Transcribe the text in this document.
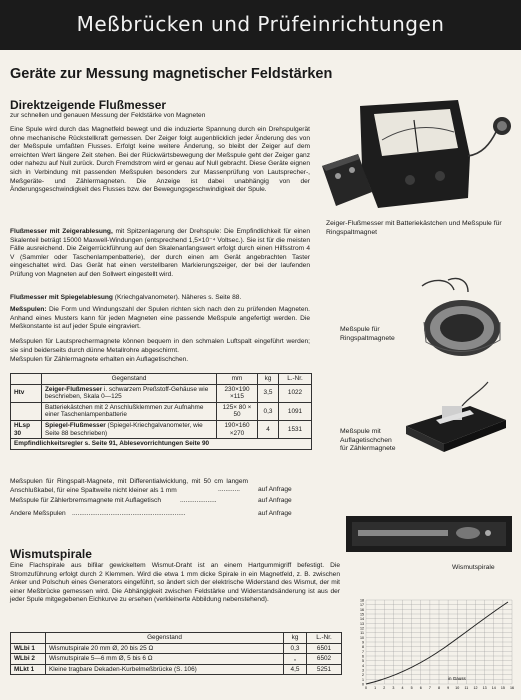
Meßbrücken und Prüfeinrichtungen
Geräte zur Messung magnetischer Feldstärken
Direktzeigende Flußmesser
zur schnellen und genauen Messung der Feldstärke von Magneten
Eine Spule wird durch das Magnetfeld bewegt und die induzierte Spannung durch ein Drehspulgerät ohne mechanische Rückstellkraft gemessen. Der Zeiger folgt augenblicklich jeder Änderung des von der Meßspule umfaßten Flusses. Erfolgt keine weitere Änderung, so bleibt der Zeiger auf dem erreichten Wert längere Zeit stehen. Bei der Rückwärtsbewegung der Meßspule geht der Zeiger ganz oder nahezu auf Null zurück. Durch Fremdstrom wird er genau auf Null gebracht. Diese Geräte eignen sich in Verbindung mit passenden Meßspulen besonders zur Massenprüfung von Lautsprecher-, Meßgeräte- und Zählermagneten. Die Anzeige ist dabei unabhängig von der Änderungsgeschwindigkeit des Flusses bzw. der Bewegungsgeschwindigkeit der Spule.
Flußmesser mit Zeigerablesung, mit Spitzenlagerung der Drehspule: Die Empfindlichkeit für einen Skalenteil beträgt 15000 Maxwell-Windungen (entsprechend 1,5×10⁻⁴ Voltsec.). Sie ist für die meisten Fälle ausreichend. Die Zeigerrückführung auf den Skalenanfangswert erfolgt durch einen Hilfsstrom 4 V (Sammler oder Taschenlampenbatterie), der durch einen am Gerät angebrachten Taster eingeschaltet wird. Das Gerät hat einen verstellbaren Markierungszeiger, der bei der laufenden Prüfung von Magneten auf den Sollwert eingestellt wird.
Flußmesser mit Spiegelablesung (Kriechgalvanometer). Näheres s. Seite 88.
Meßspulen: Die Form und Windungszahl der Spulen richten sich nach den zu prüfenden Magneten. Anhand eines Musters kann für jeden Magneten eine passende Meßspule angefertigt werden. Die Meßkonstante ist auf jeder Spule eingraviert.
Meßspulen für Lautsprechermagnete können bequem in den schmalen Luftspalt eingeführt werden; sie sind beiderseits durch dünne Metallrohre abgeschirmt.
Meßspulen für Zählermagnete erhalten ein Auflagetischchen.
	Gegenstand	mm	kg	L.-Nr.
Htv	Zeiger-Flußmesser i. schwarzem Preßstoff-Gehäuse wie beschrieben, Skala 0—125	230×190 ×115	3,5	1022
	Batteriekästchen mit 2 Anschlußklemmen zur Aufnahme einer Taschenlampenbatterie	125× 80 × 50	0,3	1091
HLsp 30	Spiegel-Flußmesser (Spiegel-Kriechgalvanometer, wie Seite 88 beschrieben)	190×160 ×270	4	1531
Empfindlichkeitsregler s. Seite 91, Ablesevorrichtungen Seite 90				
Meßspulen für Ringspalt-Magnete, mit Differentialwicklung, mit 50 cm langem Anschlußkabel, für eine Spaltweite nicht kleiner als 1 mm	............	auf Anfrage
Meßspule für Zählerbremsmagnete mit Auflagetisch	....................	auf Anfrage
Andere Meßspulen ..............................................................	auf Anfrage
Zeiger-Flußmesser mit Batteriekästchen und Meßspule für Ringspaltmagnet
Meßspule für Ringspaltmagnete
Meßspule mit Auflagetischchen für Zählermagnete
Wismutspirale
Wismutspirale
Eine Flachspirale aus bifilar gewickeltem Wismut-Draht ist an einem Hartgummigriff befestigt. Die Stromzuführung erfolgt durch 2 Klemmen. Wird die etwa 1 mm dicke Spirale in ein Magnetfeld, z. B. zwischen Anker und Polschuh eines Generators eingeführt, so ändert sich der elektrische Widerstand des Wismut, der mit einer Meßbrücke gemessen wird. Die Abhängigkeit zwischen Feldstärke und Widerstandsänderung ist aus der jeder Spule mitgegebenen Eichkurve zu ersehen (verkleinerte Abbildung nebenstehend).
	Gegenstand	kg	L.-Nr.
WLbi 1	Wismutspirale 20 mm Ø, 20 bis 25 Ω	0,3	6501
WLbi 2	Wismutspirale 5—6 mm Ø, 5 bis 6 Ω	„	6502
MLkt 1	Kleine tragbare Dekaden-Kurbelmeßbrücke (S. 106)	4,5	5251
18
17
16
15
14
13
12
11
10
9
8
7
6
5
4
3
2
1
0
0 1 2 3 4 5 6 7 8 9 10 11 12 13 14 15 16
in Gauss
